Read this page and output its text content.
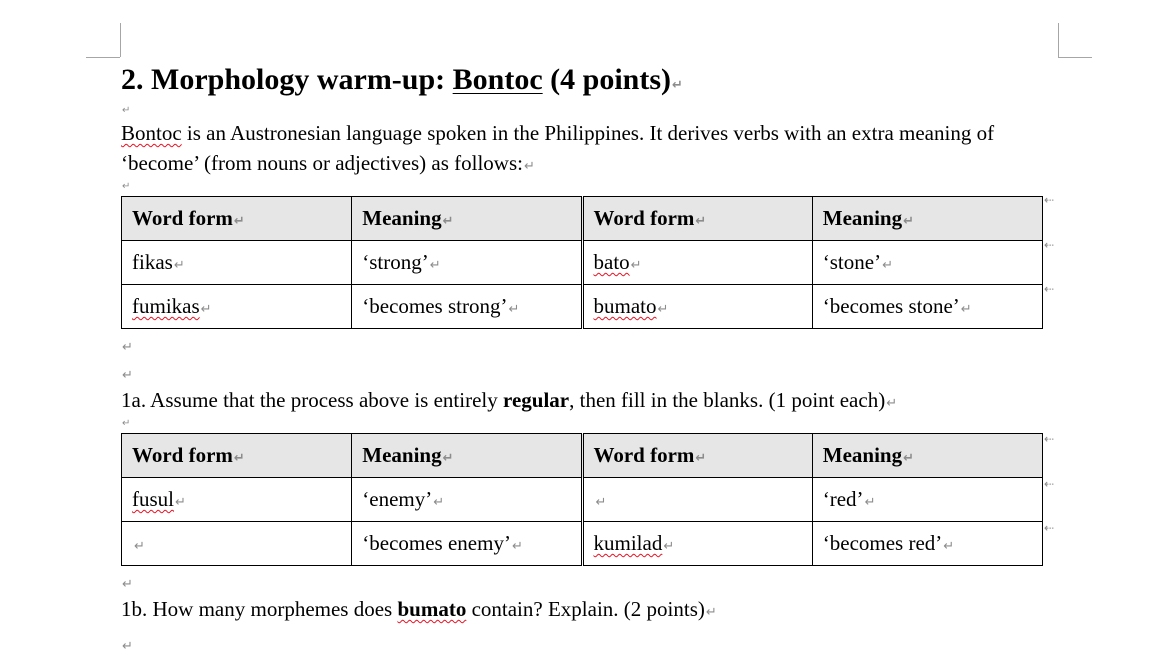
2. Morphology warm-up: Bontoc (4 points)↵
↵

Bontoc is an Austronesian language spoken in the Philippines. It derives verbs with an extra meaning of ‘become’ (from nouns or adjectives) as follows:↵

↵
Word form↵	Meaning↵	Word form↵	Meaning↵
fikas↵	‘strong’↵	bato↵	‘stone’↵
fumikas↵	‘becomes strong’↵	bumato↵	‘becomes stone’↵

↵

↵

1a. Assume that the process above is entirely regular, then fill in the blanks. (1 point each)↵

↵
Word form↵	Meaning↵	Word form↵	Meaning↵
fusul↵	‘enemy’↵	↵	‘red’↵
↵	‘becomes enemy’↵	kumilad↵	‘becomes red’↵

↵

1b. How many morphemes does bumato contain? Explain. (2 points)↵

↵

⇠
⇠
⇠
⇠
⇠
⇠
